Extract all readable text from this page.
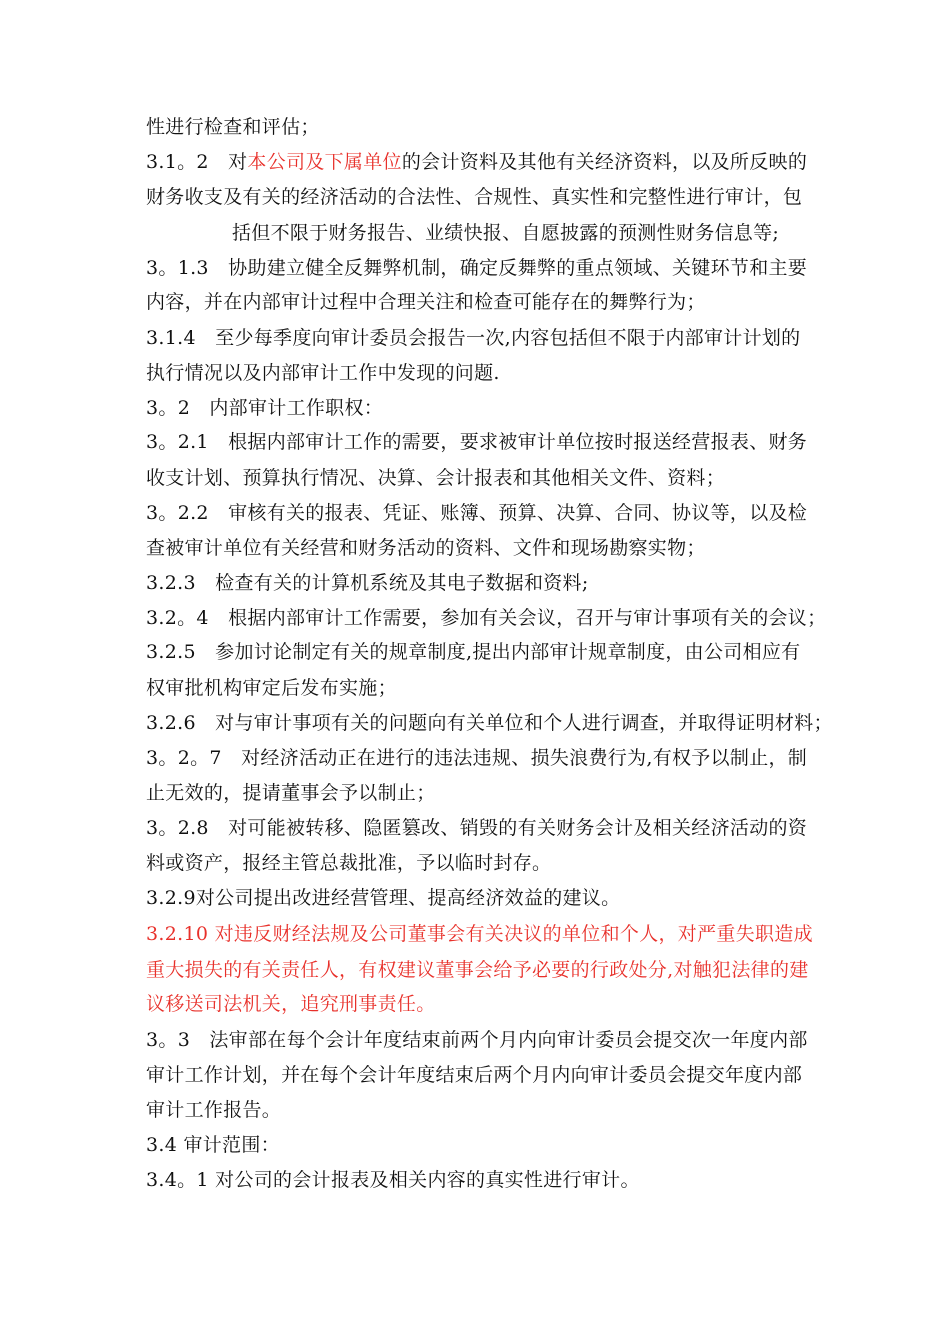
性进行检查和评估；
3.1。2　对本公司及下属单位的会计资料及其他有关经济资料，以及所反映的
财务收支及有关的经济活动的合法性、合规性、真实性和完整性进行审计，包
括但不限于财务报告、业绩快报、自愿披露的预测性财务信息等;
3。1.3　协助建立健全反舞弊机制，确定反舞弊的重点领域、关键环节和主要
内容，并在内部审计过程中合理关注和检查可能存在的舞弊行为；
3.1.4　至少每季度向审计委员会报告一次,内容包括但不限于内部审计计划的
执行情况以及内部审计工作中发现的问题.
3。2　内部审计工作职权：
3。2.1　根据内部审计工作的需要，要求被审计单位按时报送经营报表、财务
收支计划、预算执行情况、决算、会计报表和其他相关文件、资料；
3。2.2　审核有关的报表、凭证、账簿、预算、决算、合同、协议等，以及检
查被审计单位有关经营和财务活动的资料、文件和现场勘察实物；
3.2.3　检查有关的计算机系统及其电子数据和资料;
3.2。4　根据内部审计工作需要，参加有关会议，召开与审计事项有关的会议；
3.2.5　参加讨论制定有关的规章制度,提出内部审计规章制度，由公司相应有
权审批机构审定后发布实施；
3.2.6　对与审计事项有关的问题向有关单位和个人进行调查，并取得证明材料；
3。2。7　对经济活动正在进行的违法违规、损失浪费行为,有权予以制止，制
止无效的，提请董事会予以制止；
3。2.8　对可能被转移、隐匿篡改、销毁的有关财务会计及相关经济活动的资
料或资产，报经主管总裁批准，予以临时封存。
3.2.9对公司提出改进经营管理、提高经济效益的建议。
3.2.10 对违反财经法规及公司董事会有关决议的单位和个人，对严重失职造成
重大损失的有关责任人，有权建议董事会给予必要的行政处分,对触犯法律的建
议移送司法机关，追究刑事责任。
3。3　法审部在每个会计年度结束前两个月内向审计委员会提交次一年度内部
审计工作计划，并在每个会计年度结束后两个月内向审计委员会提交年度内部
审计工作报告。
3.4 审计范围：
3.4。1 对公司的会计报表及相关内容的真实性进行审计。
